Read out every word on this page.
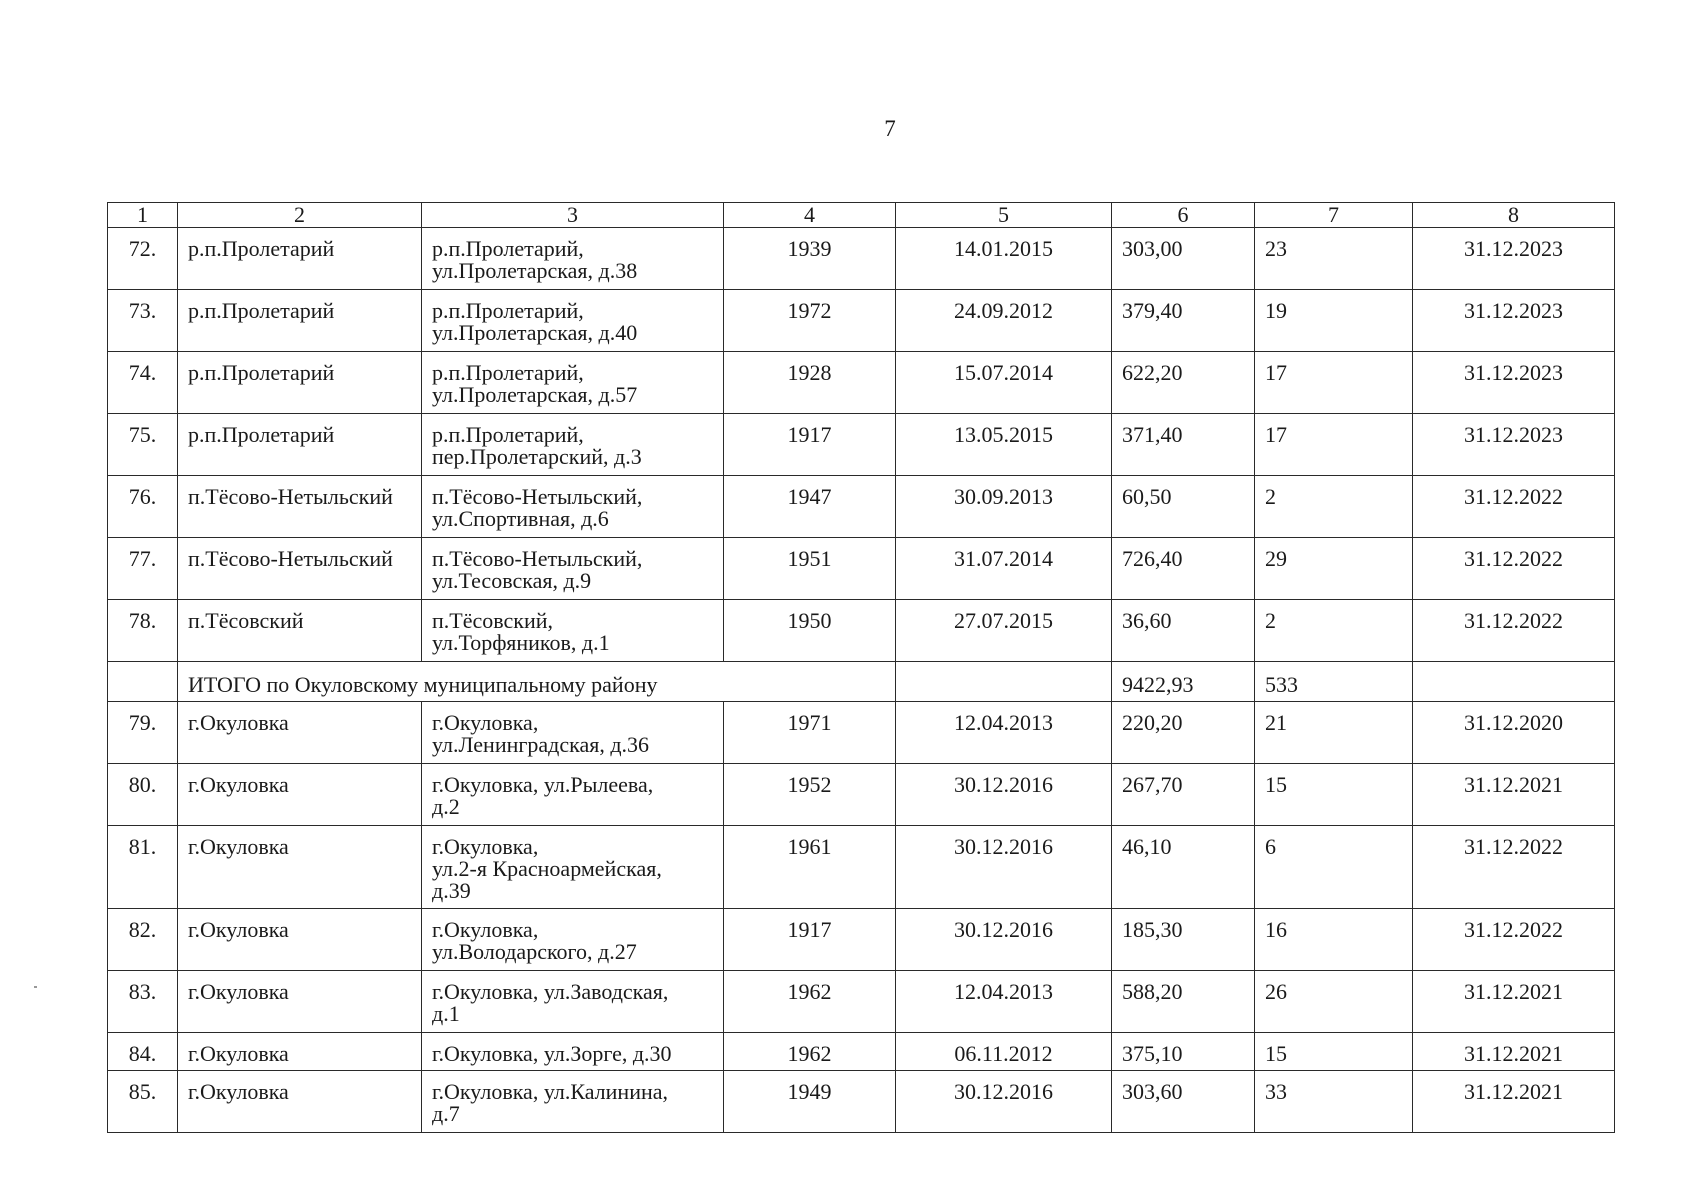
7
1	2	3	4	5	6	7	8
72.	р.п.Пролетарий	р.п.Пролетарий,
ул.Пролетарская, д.38	1939	14.01.2015	303,00	23	31.12.2023
73.	р.п.Пролетарий	р.п.Пролетарий,
ул.Пролетарская, д.40	1972	24.09.2012	379,40	19	31.12.2023
74.	р.п.Пролетарий	р.п.Пролетарий,
ул.Пролетарская, д.57	1928	15.07.2014	622,20	17	31.12.2023
75.	р.п.Пролетарий	р.п.Пролетарий,
пер.Пролетарский, д.3	1917	13.05.2015	371,40	17	31.12.2023
76.	п.Тёсово-Нетыльский	п.Тёсово-Нетыльский,
ул.Спортивная, д.6	1947	30.09.2013	60,50	2	31.12.2022
77.	п.Тёсово-Нетыльский	п.Тёсово-Нетыльский,
ул.Тесовская, д.9	1951	31.07.2014	726,40	29	31.12.2022
78.	п.Тёсовский	п.Тёсовский,
ул.Торфяников, д.1	1950	27.07.2015	36,60	2	31.12.2022
	ИТОГО по Окуловскому муниципальному району				9422,93	533	
79.	г.Окуловка	г.Окуловка,
ул.Ленинградская, д.36	1971	12.04.2013	220,20	21	31.12.2020
80.	г.Окуловка	г.Окуловка, ул.Рылеева,
д.2	1952	30.12.2016	267,70	15	31.12.2021
81.	г.Окуловка	г.Окуловка,
ул.2-я Красноармейская,
д.39	1961	30.12.2016	46,10	6	31.12.2022
82.	г.Окуловка	г.Окуловка,
ул.Володарского, д.27	1917	30.12.2016	185,30	16	31.12.2022
83.	г.Окуловка	г.Окуловка, ул.Заводская,
д.1	1962	12.04.2013	588,20	26	31.12.2021
84.	г.Окуловка	г.Окуловка, ул.Зорге, д.30	1962	06.11.2012	375,10	15	31.12.2021
85.	г.Окуловка	г.Окуловка, ул.Калинина,
д.7	1949	30.12.2016	303,60	33	31.12.2021
